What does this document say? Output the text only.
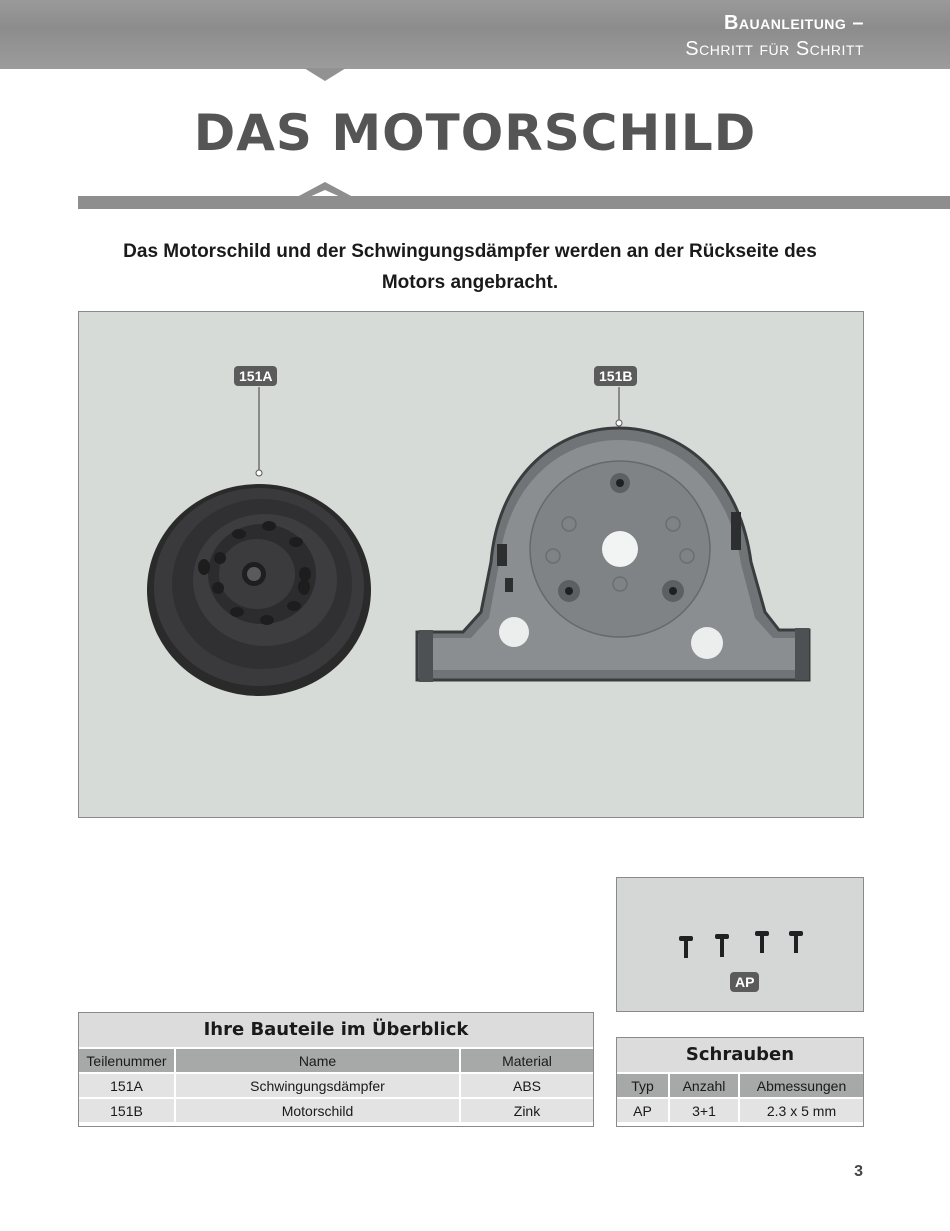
Bauanleitung –
Schritt für Schritt
DAS MOTORSCHILD
Das Motorschild und der Schwingungsdämpfer werden an der Rückseite des Motors angebracht.
151A	151B
AP
Ihre Bauteile im Überblick
Teilenummer	Name	Material
151A	Schwingungsdämpfer	ABS
151B	Motorschild	Zink
Schrauben
Typ	Anzahl	Abmessungen
AP	3+1	2.3 x 5 mm
3
